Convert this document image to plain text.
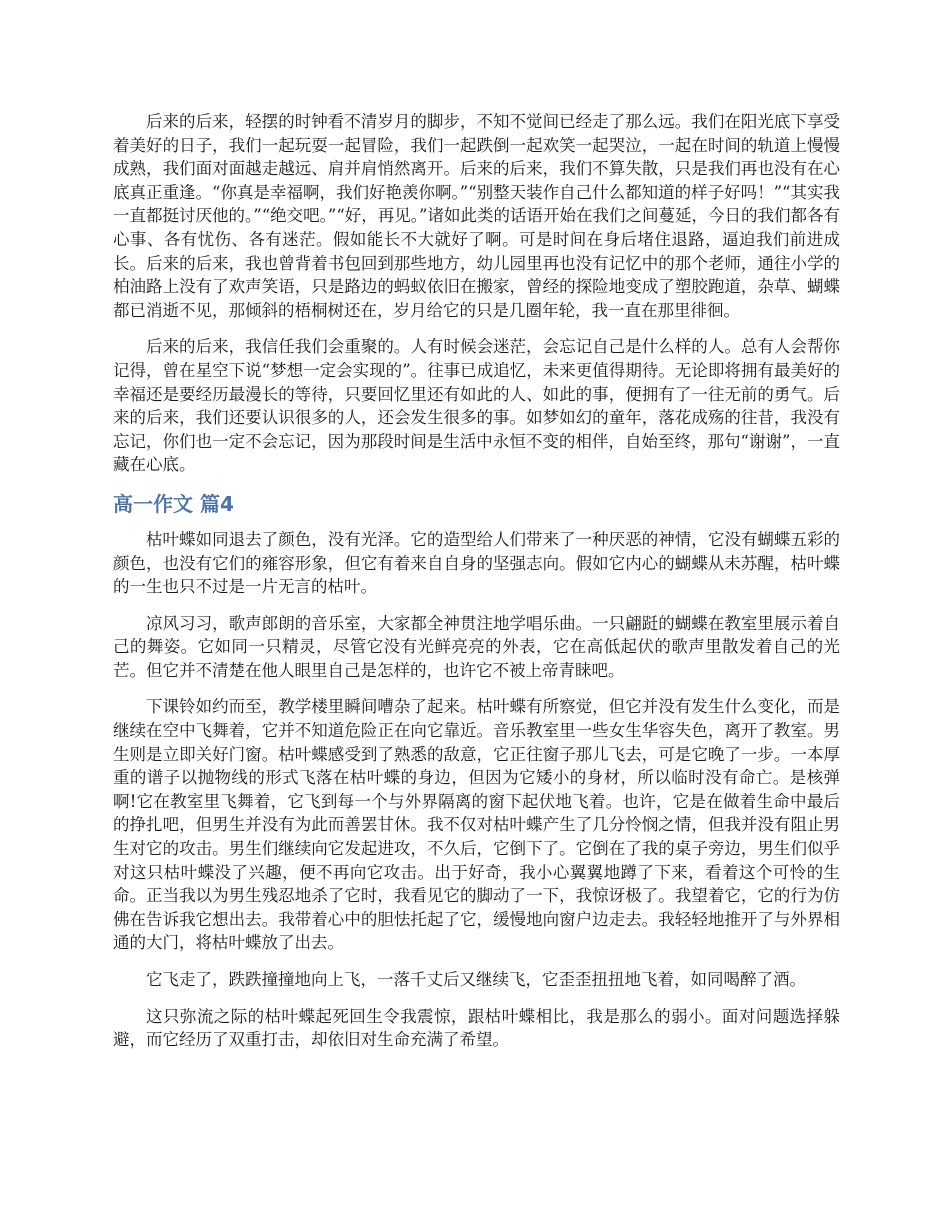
后来的后来，轻摆的时钟看不清岁月的脚步，不知不觉间已经走了那么远。我们在阳光底下享受着美好的日子，我们一起玩耍一起冒险，我们一起跌倒一起欢笑一起哭泣，一起在时间的轨道上慢慢成熟，我们面对面越走越远、肩并肩悄然离开。后来的后来，我们不算失散，只是我们再也没有在心底真正重逢。“你真是幸福啊，我们好艳羡你啊。”“别整天装作自己什么都知道的样子好吗！”“其实我一直都挺讨厌他的。”“绝交吧。”“好，再见。”诸如此类的话语开始在我们之间蔓延，今日的我们都各有心事、各有忧伤、各有迷茫。假如能长不大就好了啊。可是时间在身后堵住退路，逼迫我们前进成长。后来的后来，我也曾背着书包回到那些地方，幼儿园里再也没有记忆中的那个老师，通往小学的柏油路上没有了欢声笑语，只是路边的蚂蚁依旧在搬家，曾经的探险地变成了塑胶跑道，杂草、蝴蝶都已消逝不见，那倾斜的梧桐树还在，岁月给它的只是几圈年轮，我一直在那里徘徊。

后来的后来，我信任我们会重聚的。人有时候会迷茫，会忘记自己是什么样的人。总有人会帮你记得，曾在星空下说“梦想一定会实现的”。往事已成追忆，未来更值得期待。无论即将拥有最美好的幸福还是要经历最漫长的等待，只要回忆里还有如此的人、如此的事，便拥有了一往无前的勇气。后来的后来，我们还要认识很多的人，还会发生很多的事。如梦如幻的童年，落花成殇的往昔，我没有忘记，你们也一定不会忘记，因为那段时间是生活中永恒不变的相伴，自始至终，那句“谢谢”，一直藏在心底。

高一作文 篇4

枯叶蝶如同退去了颜色，没有光泽。它的造型给人们带来了一种厌恶的神情，它没有蝴蝶五彩的颜色，也没有它们的雍容形象，但它有着来自自身的坚强志向。假如它内心的蝴蝶从未苏醒，枯叶蝶的一生也只不过是一片无言的枯叶。

凉风习习，歌声郎朗的音乐室，大家都全神贯注地学唱乐曲。一只翩跹的蝴蝶在教室里展示着自己的舞姿。它如同一只精灵，尽管它没有光鲜亮亮的外表，它在高低起伏的歌声里散发着自己的光芒。但它并不清楚在他人眼里自己是怎样的，也许它不被上帝青睐吧。

下课铃如约而至，教学楼里瞬间嘈杂了起来。枯叶蝶有所察觉，但它并没有发生什么变化，而是继续在空中飞舞着，它并不知道危险正在向它靠近。音乐教室里一些女生华容失色，离开了教室。男生则是立即关好门窗。枯叶蝶感受到了熟悉的敌意，它正往窗子那儿飞去，可是它晚了一步。一本厚重的谱子以抛物线的形式飞落在枯叶蝶的身边，但因为它矮小的身材，所以临时没有命亡。是核弹啊!它在教室里飞舞着，它飞到每一个与外界隔离的窗下起伏地飞着。也许，它是在做着生命中最后的挣扎吧，但男生并没有为此而善罢甘休。我不仅对枯叶蝶产生了几分怜悯之情，但我并没有阻止男生对它的攻击。男生们继续向它发起进攻，不久后，它倒下了。它倒在了我的桌子旁边，男生们似乎对这只枯叶蝶没了兴趣，便不再向它攻击。出于好奇，我小心翼翼地蹲了下来，看着这个可怜的生命。正当我以为男生残忍地杀了它时，我看见它的脚动了一下，我惊讶极了。我望着它，它的行为仿佛在告诉我它想出去。我带着心中的胆怯托起了它，缓慢地向窗户边走去。我轻轻地推开了与外界相通的大门，将枯叶蝶放了出去。

它飞走了，跌跌撞撞地向上飞，一落千丈后又继续飞，它歪歪扭扭地飞着，如同喝醉了酒。

这只弥流之际的枯叶蝶起死回生令我震惊，跟枯叶蝶相比，我是那么的弱小。面对问题选择躲避，而它经历了双重打击，却依旧对生命充满了希望。
